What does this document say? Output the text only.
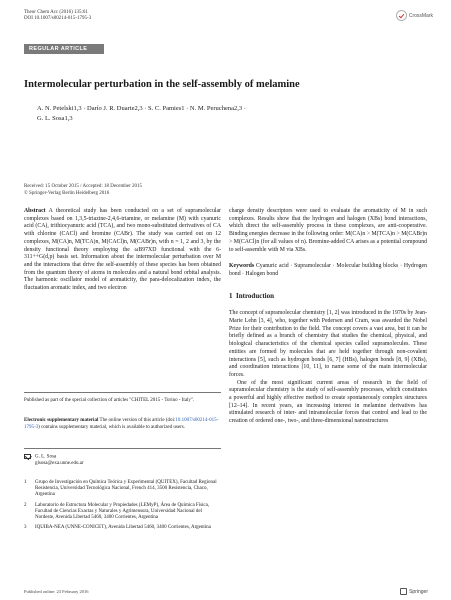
Theor Chem Acc (2016) 135:61
DOI 10.1007/s00214-015-1795-3	CrossMark
REGULAR ARTICLE
Intermolecular perturbation in the self-assembly of melamine
A. N. Petelski1,3 · Darío J. R. Duarte2,3 · S. C. Pamies1 · N. M. Peruchena2,3 ·
G. L. Sosa1,3
Received: 15 October 2015 / Accepted: 18 December 2015
© Springer-Verlag Berlin Heidelberg 2016
Abstract A theoretical study has been conducted on a set of supramolecular complexes based on 1,3,5-triazine-2,4,6-triamine, or melamine (M) with cyanuric acid (CA), trithiocyanuric acid (TCA), and two mono-substituted derivatives of CA with chlorine (CACl) and bromine (CABr). The study was carried out on 12 complexes, M(CA)n, M(TCA)n, M(CACl)n, M(CABr)n, with n = 1, 2 and 3, by the density functional theory employing the ωB97XD functional with the 6-311++G(d,p) basis set. Information about the intermolecular perturbation over M and the interactions that drive the self-assembly of these species has been obtained from the quantum theory of atoms in molecules and a natural bond orbital analysis. The harmonic oscillator model of aromaticity, the para-delocalization index, the fluctuation aromatic index, and two electron
Published as part of the special collection of articles "CHITEL 2015 - Torino - Italy".
Electronic supplementary material The online version of this article (doi:10.1007/s00214-015-1795-3) contains supplementary material, which is available to authorized users.
G. L. Sosa
glsosa@exa.unne.edu.ar
1	Grupo de Investigación en Química Teórica y Experimental (QUITEX), Facultad Regional Resistencia, Universidad Tecnológica Nacional, French 414, 3500 Resistencia, Chaco, Argentina
2	Laboratorio de Estructura Molecular y Propiedades (LEMyP), Área de Química Física, Facultad de Ciencias Exactas y Naturales y Agrimensura, Universidad Nacional del Nordeste, Avenida Libertad 5460, 3400 Corrientes, Argentina
3	IQUIBA-NEA (UNNE-CONICET), Avenida Libertad 5460, 3400 Corrientes, Argentina
charge density descriptors were used to evaluate the aromaticity of M in such complexes. Results show that the hydrogen and halogen (XBs) bond interactions, which direct the self-assembly process in these complexes, are anti-cooperative. Binding energies decrease in the following order: M(CA)n > M(TCA)n > M(CABr)n > M(CACl)n (for all values of n). Bromine-added CA arises as a potential compound to self-assemble with M via XBs.
Keywords Cyanuric acid · Supramolecular · Molecular building blocks · Hydrogen bond · Halogen bond
1 Introduction
The concept of supramolecular chemistry [1, 2] was introduced in the 1970s by Jean-Marie Lehn [3, 4], who, together with Pedersen and Cram, was awarded the Nobel Prize for their contribution to the field. The concept covers a vast area, but it can be briefly defined as a branch of chemistry that studies the chemical, physical, and biological characteristics of the chemical species called supramolecules. These entities are formed by molecules that are held together through non-covalent interactions [5], such as hydrogen bonds [6, 7] (HBs), halogen bonds [8, 9] (XBs), and coordination interactions [10, 11], to name some of the main intermolecular forces.
One of the most significant current areas of research in the field of supramolecular chemistry is the study of self-assembly processes, which constitutes a powerful and highly effective method to create spontaneously complex structures [12–14]. In recent years, an increasing interest in melamine derivatives has stimulated research of inter- and intramolecular forces that control and lead to the creation of ordered one-, two-, and three-dimensional nanostructures
Published online: 23 February 2016	Springer
